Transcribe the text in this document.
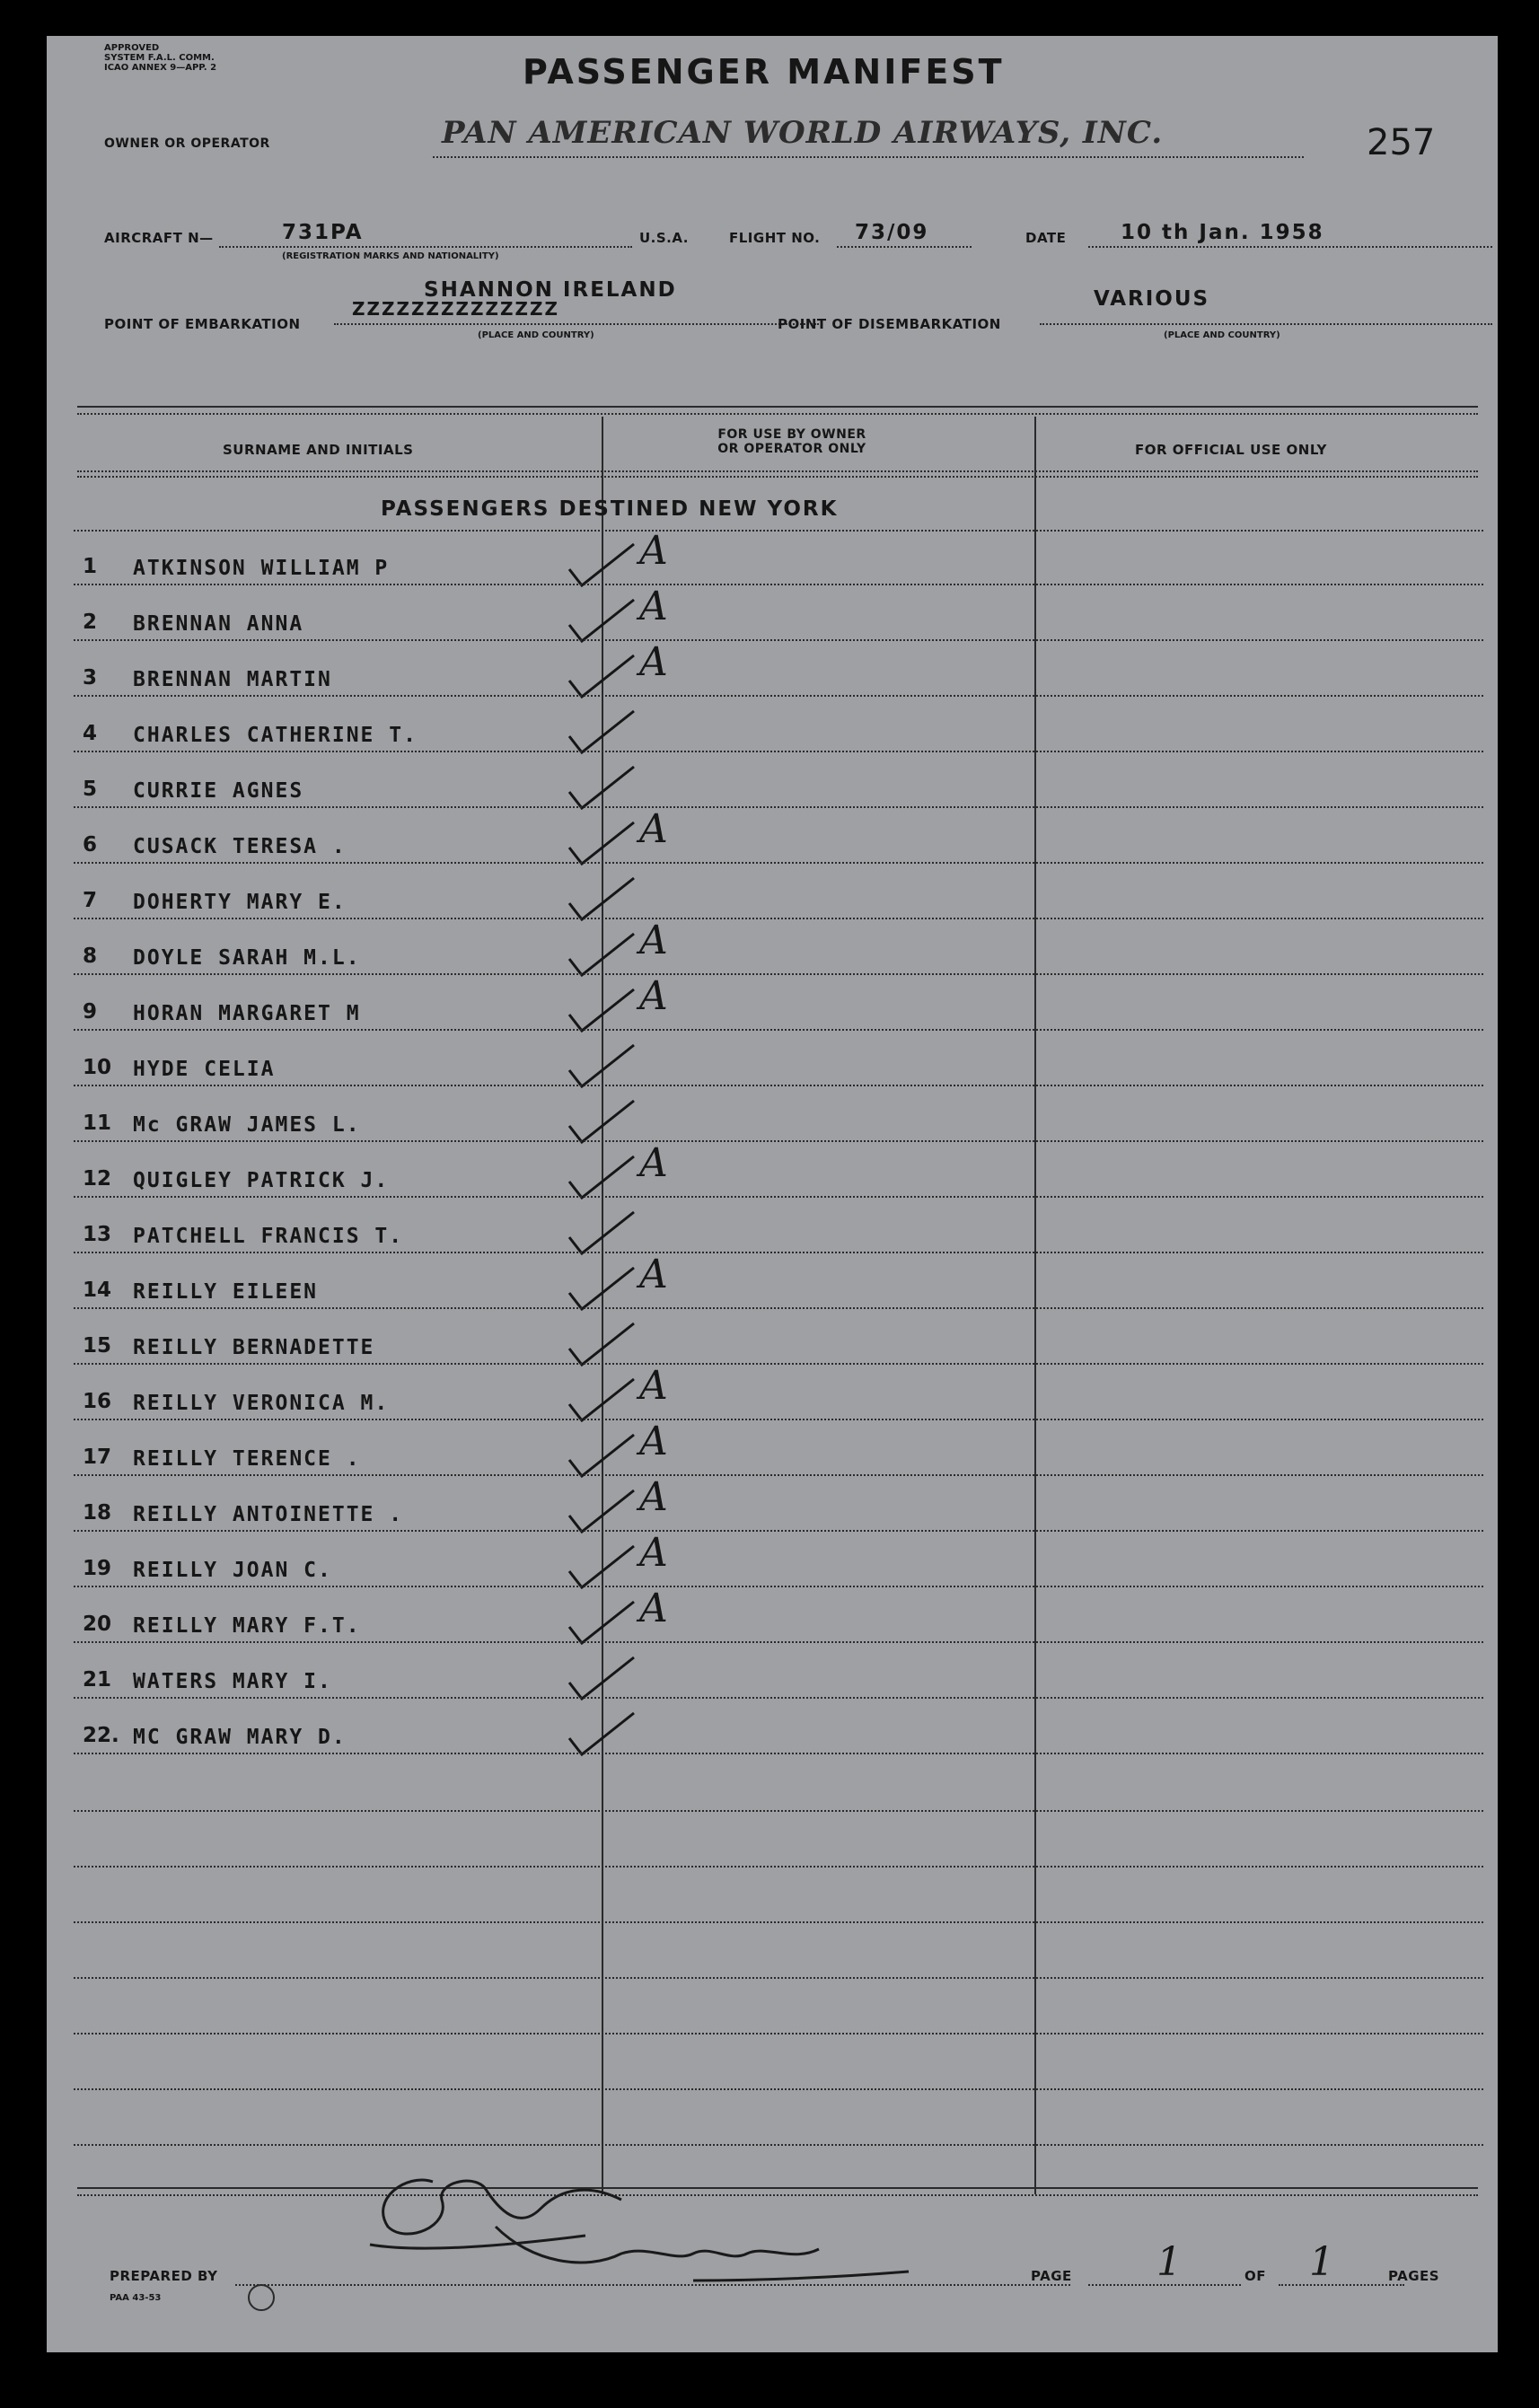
APPROVED
SYSTEM F.A.L. COMM.
ICAO ANNEX 9—APP. 2	PASSENGER MANIFEST
OWNER OR OPERATOR	PAN AMERICAN WORLD AIRWAYS, INC.	257
AIRCRAFT N—	731PA
(REGISTRATION MARKS AND NATIONALITY)
U.S.A.	FLIGHT NO. 73/09	DATE	10 th Jan. 1958
POINT OF EMBARKATION
SHANNON IRELAND
ZZZZZZZZZZZZZZ
(PLACE AND COUNTRY)
POINT OF DISEMBARKATION
VARIOUS
(PLACE AND COUNTRY)
SURNAME AND INITIALS
FOR USE BY OWNER OR OPERATOR ONLY	FOR OFFICIAL USE ONLY
PASSENGERS DESTINED NEW YORK
1 ATKINSON WILLIAM P	A
2 BRENNAN ANNA	A
3 BRENNAN MARTIN	A
4 CHARLES CATHERINE T.
5 CURRIE AGNES
6 CUSACK TERESA .	A
7 DOHERTY MARY E.
8 DOYLE SARAH M.L.	A
9 HORAN MARGARET M	A
10 HYDE CELIA
11 Mc GRAW JAMES L.
12 QUIGLEY PATRICK J.	A
13 PATCHELL FRANCIS T.
14 REILLY EILEEN	A
15 REILLY BERNADETTE
16 REILLY VERONICA M.	A
17 REILLY TERENCE .	A
18 REILLY ANTOINETTE .	A
19 REILLY JOAN C.	A
20 REILLY MARY F.T.	A
21 WATERS MARY I.
22. MC GRAW MARY D.
PREPARED BY
PAA 43-53
PAGE 1	OF 1	PAGES
